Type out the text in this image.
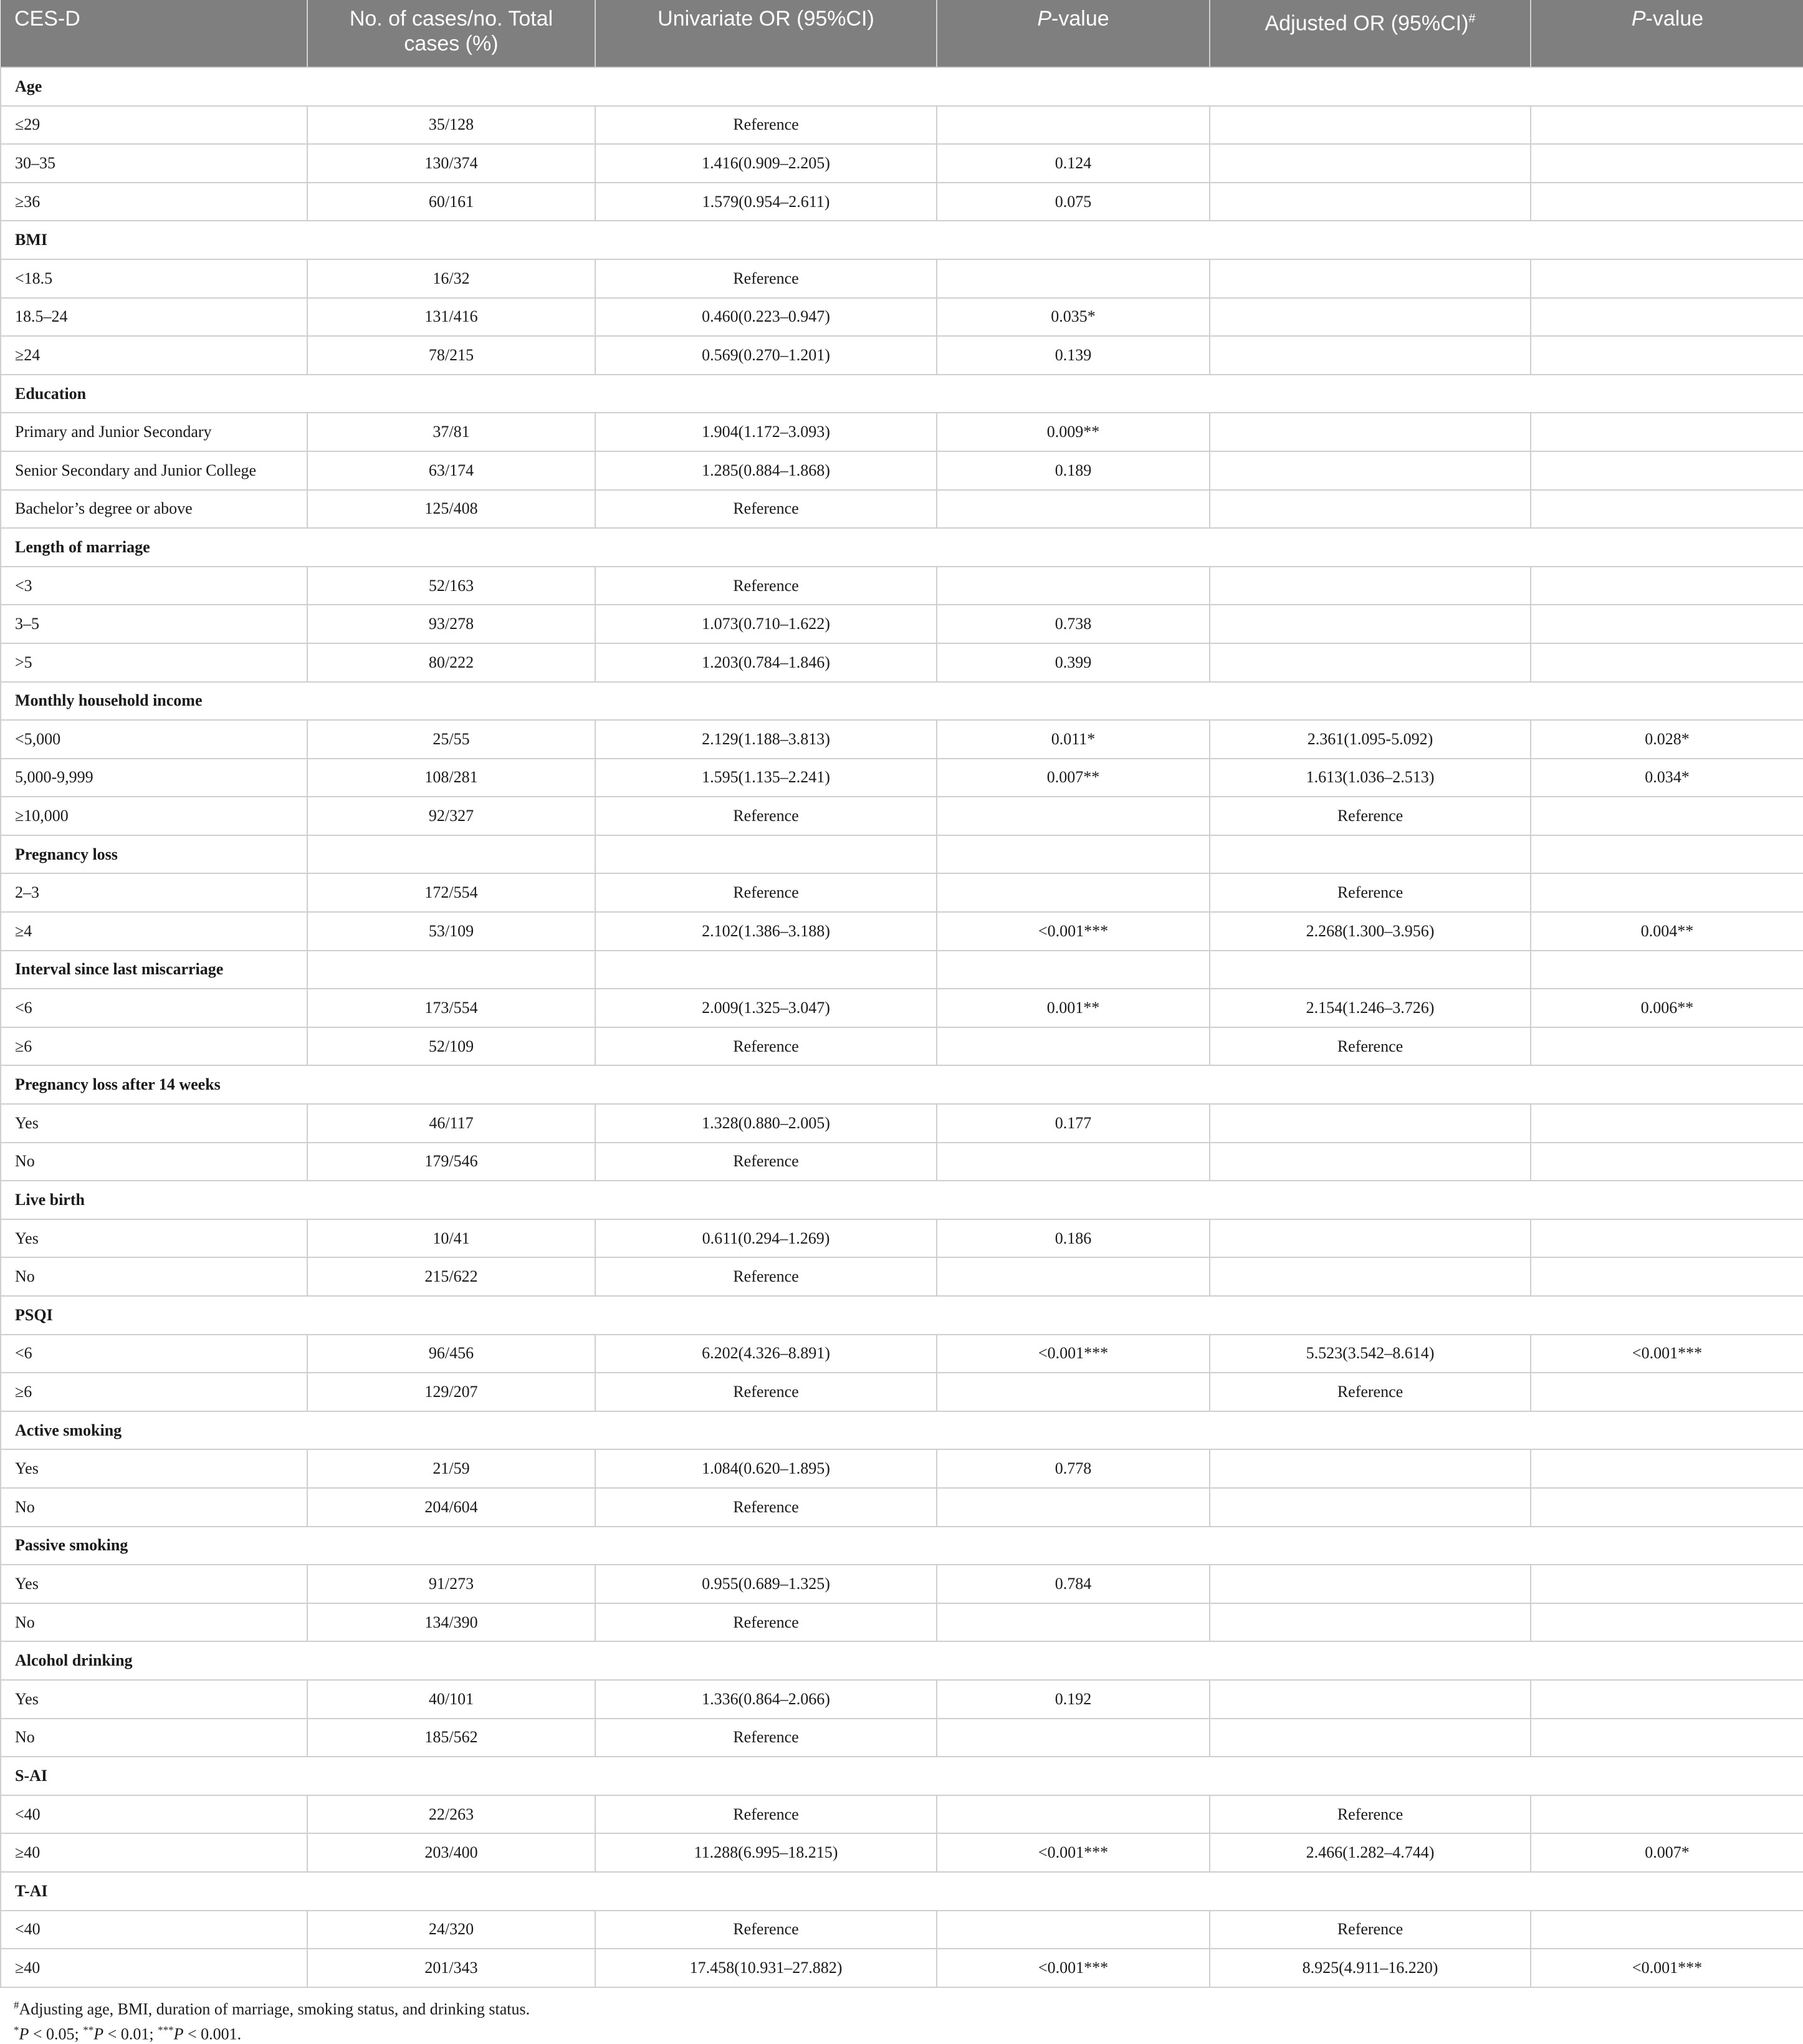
CES-D	No. of cases/no. Total cases (%)	Univariate OR (95%CI)	P-value	Adjusted OR (95%CI)#	P-value
Age					
≤29	35/128	Reference			
30–35	130/374	1.416(0.909–2.205)	0.124		
≥36	60/161	1.579(0.954–2.611)	0.075		
BMI					
<18.5	16/32	Reference			
18.5–24	131/416	0.460(0.223–0.947)	0.035*		
≥24	78/215	0.569(0.270–1.201)	0.139		
Education					
Primary and Junior Secondary	37/81	1.904(1.172–3.093)	0.009**		
Senior Secondary and Junior College	63/174	1.285(0.884–1.868)	0.189		
Bachelor’s degree or above	125/408	Reference			
Length of marriage					
<3	52/163	Reference			
3–5	93/278	1.073(0.710–1.622)	0.738		
>5	80/222	1.203(0.784–1.846)	0.399		
Monthly household income					
<5,000	25/55	2.129(1.188–3.813)	0.011*	2.361(1.095-5.092)	0.028*
5,000-9,999	108/281	1.595(1.135–2.241)	0.007**	1.613(1.036–2.513)	0.034*
≥10,000	92/327	Reference		Reference	
Pregnancy loss					
2–3	172/554	Reference		Reference	
≥4	53/109	2.102(1.386–3.188)	<0.001***	2.268(1.300–3.956)	0.004**
Interval since last miscarriage					
<6	173/554	2.009(1.325–3.047)	0.001**	2.154(1.246–3.726)	0.006**
≥6	52/109	Reference		Reference	
Pregnancy loss after 14 weeks					
Yes	46/117	1.328(0.880–2.005)	0.177		
No	179/546	Reference			
Live birth					
Yes	10/41	0.611(0.294–1.269)	0.186		
No	215/622	Reference			
PSQI					
<6	96/456	6.202(4.326–8.891)	<0.001***	5.523(3.542–8.614)	<0.001***
≥6	129/207	Reference		Reference	
Active smoking					
Yes	21/59	1.084(0.620–1.895)	0.778		
No	204/604	Reference			
Passive smoking					
Yes	91/273	0.955(0.689–1.325)	0.784		
No	134/390	Reference			
Alcohol drinking					
Yes	40/101	1.336(0.864–2.066)	0.192		
No	185/562	Reference			
S-AI					
<40	22/263	Reference		Reference	
≥40	203/400	11.288(6.995–18.215)	<0.001***	2.466(1.282–4.744)	0.007*
T-AI					
<40	24/320	Reference		Reference	
≥40	201/343	17.458(10.931–27.882)	<0.001***	8.925(4.911–16.220)	<0.001***
#Adjusting age, BMI, duration of marriage, smoking status, and drinking status.
*P < 0.05; **P < 0.01; ***P < 0.001.
